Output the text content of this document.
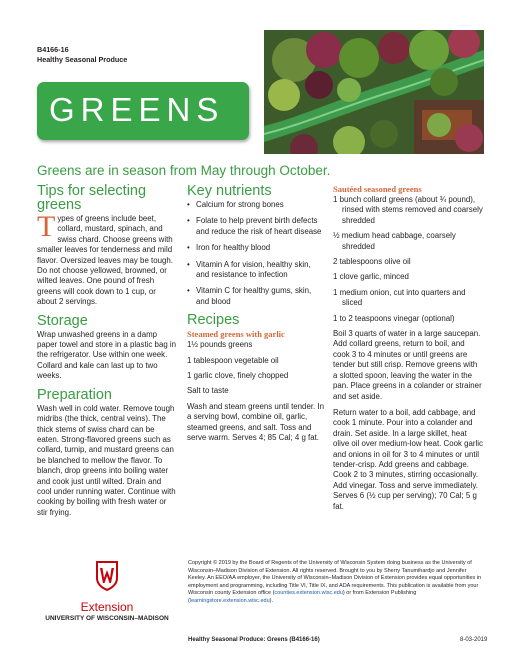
B4166-16
Healthy Seasonal Produce
GREENS
Greens are in season from May through October.
Tips for selecting greens

Types of greens include beet, collard, mustard, spinach, and swiss chard. Choose greens with smaller leaves for tenderness and mild flavor. Oversized leaves may be tough. Do not choose yellowed, browned, or wilted leaves. One pound of fresh greens will cook down to 1 cup, or about 2 servings.

Storage

Wrap unwashed greens in a damp paper towel and store in a plastic bag in the refrigerator. Use within one week. Collard and kale can last up to two weeks.

Preparation

Wash well in cold water. Remove tough midribs (the thick, central veins). The thick stems of swiss chard can be eaten. Strong-flavored greens such as collard, turnip, and mustard greens can be blanched to mellow the flavor. To blanch, drop greens into boiling water and cook just until wilted. Drain and cool under running water. Continue with cooking by boiling with fresh water or stir frying.

Key nutrients
• Calcium for strong bones
• Folate to help prevent birth defects and reduce the risk of heart disease
• Iron for healthy blood
• Vitamin A for vision, healthy skin, and resistance to infection
• Vitamin C for healthy gums, skin, and blood
Recipes
Steamed greens with garlic
1½ pounds greens
1 tablespoon vegetable oil
1 garlic clove, finely chopped
Salt to taste

Wash and steam greens until tender. In a serving bowl, combine oil, garlic, steamed greens, and salt. Toss and serve warm. Serves 4; 85 Cal; 4 g fat.

Sautéed seasoned greens
1 bunch collard greens (about ¾ pound), rinsed with stems removed and coarsely shredded
½ medium head cabbage, coarsely shredded
2 tablespoons olive oil
1 clove garlic, minced
1 medium onion, cut into quarters and sliced
1 to 2 teaspoons vinegar (optional)

Boil 3 quarts of water in a large saucepan. Add collard greens, return to boil, and cook 3 to 4 minutes or until greens are tender but still crisp. Remove greens with a slotted spoon, leaving the water in the pan. Place greens in a colander or strainer and set aside.

Return water to a boil, add cabbage, and cook 1 minute. Pour into a colander and drain. Set aside. In a large skillet, heat olive oil over medium-low heat. Cook garlic and onions in oil for 3 to 4 minutes or until tender-crisp. Add greens and cabbage. Cook 2 to 3 minutes, stirring occasionally. Add vinegar. Toss and serve immediately. Serves 6 (½ cup per serving); 70 Cal; 5 g fat.

Extension
UNIVERSITY OF WISCONSIN–MADISON
Copyright © 2019 by the Board of Regents of the University of Wisconsin System doing business as the University of Wisconsin–Madison Division of Extension. All rights reserved. Brought to you by Sherry Tanumihardjo and Jennifer Keeley. An EEO/AA employer, the University of Wisconsin–Madison Division of Extension provides equal opportunities in employment and programming, including Title VI, Title IX, and ADA requirements. This publication is available from your Wisconsin county Extension office (counties.extension.wisc.edu) or from Extension Publishing (learningstore.extension.wisc.edu).
Healthy Seasonal Produce: Greens (B4166-16)	8-03-2019
